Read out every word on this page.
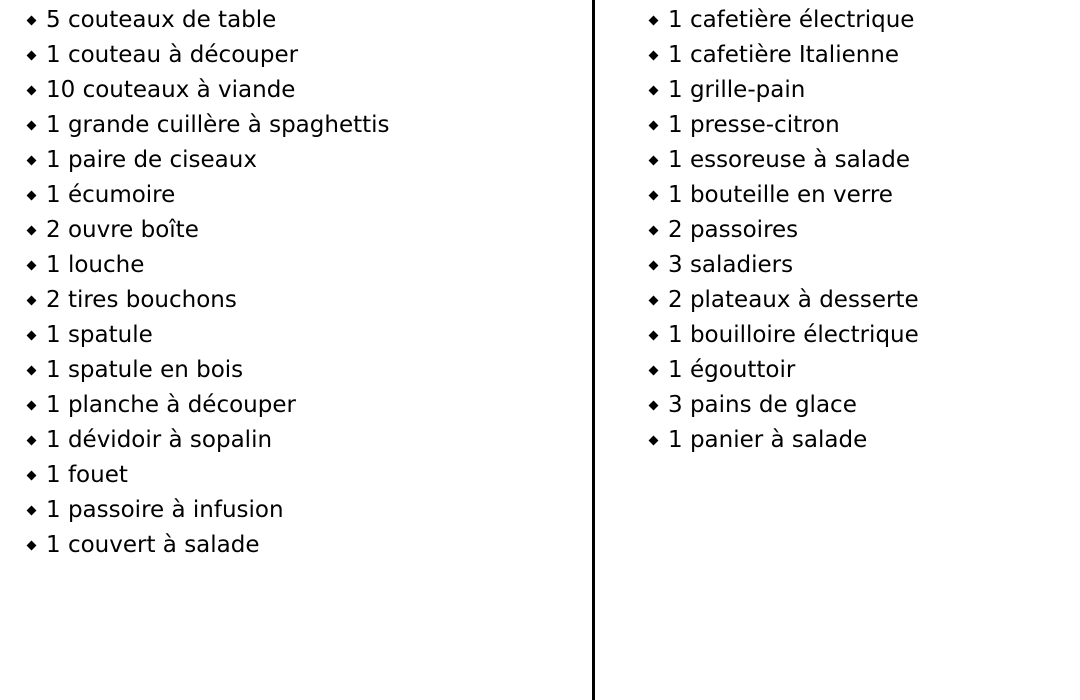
5 couteaux de table
1 couteau à découper
10 couteaux à viande
1 grande cuillère à spaghettis
1 paire de ciseaux
1 écumoire
2 ouvre boîte
1 louche
2 tires bouchons
1 spatule
1 spatule en bois
1 planche à découper
1 dévidoir à sopalin
1 fouet
1 passoire à infusion
1 couvert à salade
1 cafetière électrique
1 cafetière Italienne
1 grille-pain
1 presse-citron
1 essoreuse à salade
1 bouteille en verre
2 passoires
3 saladiers
2 plateaux à desserte
1 bouilloire électrique
1 égouttoir
3 pains de glace
1 panier à salade
